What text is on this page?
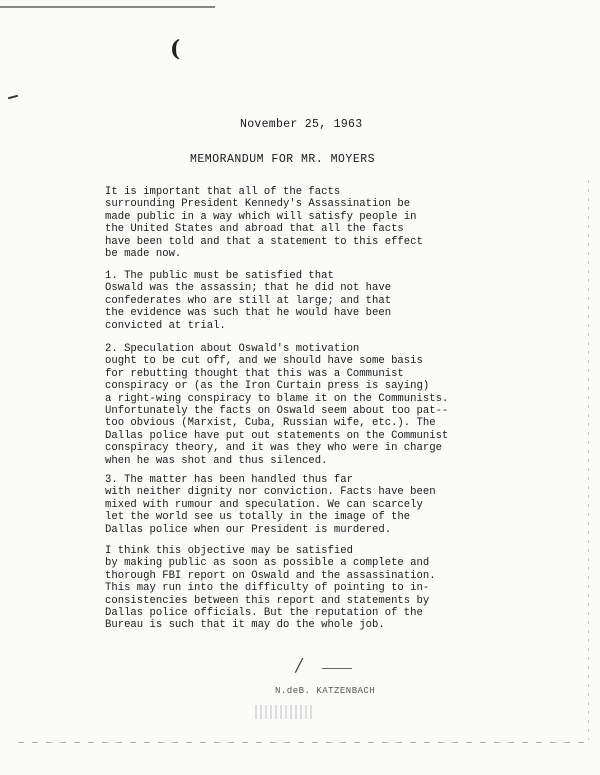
(
November 25, 1963
MEMORANDUM FOR MR. MOYERS

It is important that all of the facts
surrounding President Kennedy's Assassination be
made public in a way which will satisfy people in
the United States and abroad that all the facts
have been told and that a statement to this effect
be made now.

1. The public must be satisfied that
Oswald was the assassin; that he did not have
confederates who are still at large; and that
the evidence was such that he would have been
convicted at trial.

2. Speculation about Oswald's motivation
ought to be cut off, and we should have some basis
for rebutting thought that this was a Communist
conspiracy or (as the Iron Curtain press is saying)
a right-wing conspiracy to blame it on the Communists.
Unfortunately the facts on Oswald seem about too pat--
too obvious (Marxist, Cuba, Russian wife, etc.). The
Dallas police have put out statements on the Communist
conspiracy theory, and it was they who were in charge
when he was shot and thus silenced.

3. The matter has been handled thus far
with neither dignity nor conviction. Facts have been
mixed with rumour and speculation. We can scarcely
let the world see us totally in the image of the
Dallas police when our President is murdered.

I think this objective may be satisfied
by making public as soon as possible a complete and
thorough FBI report on Oswald and the assassination.
This may run into the difficulty of pointing to in-
consistencies between this report and statements by
Dallas police officials. But the reputation of the
Bureau is such that it may do the whole job.

/
N.deB. KATZENBACH
